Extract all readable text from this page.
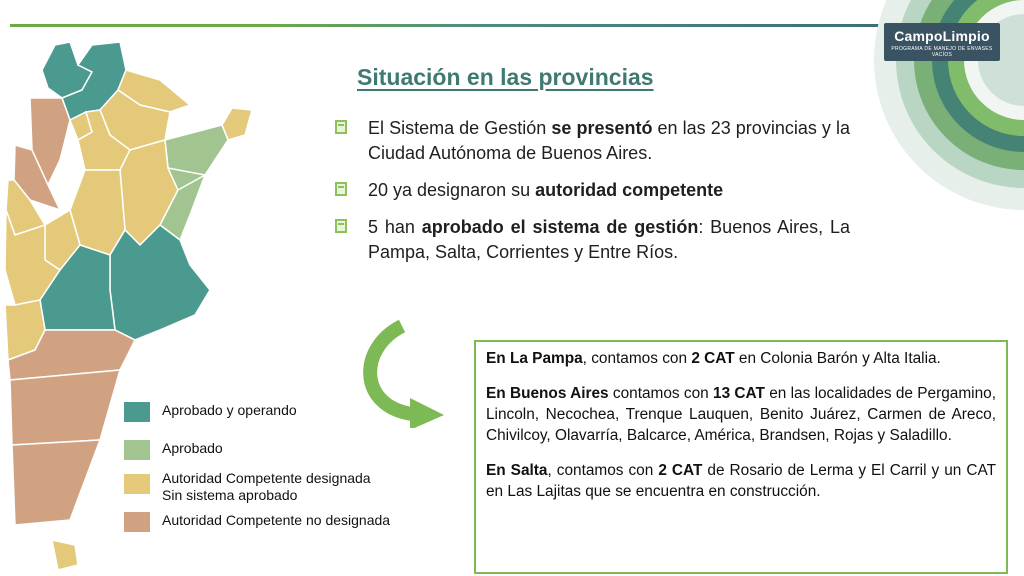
CampoLimpio
PROGRAMA DE MANEJO DE ENVASES VACÍOS
Situación en las provincias
El Sistema de Gestión se presentó en las 23 provincias y la Ciudad Autónoma de Buenos Aires.
20 ya designaron su autoridad competente
5 han aprobado el sistema de gestión: Buenos Aires, La Pampa, Salta, Corrientes y Entre Ríos.
Aprobado y operando
Aprobado
Autoridad Competente designada
Sin sistema aprobado
Autoridad Competente no designada

En La Pampa, contamos con 2 CAT en Colonia Barón y Alta Italia.

En Buenos Aires contamos con 13 CAT en las localidades de Pergamino, Lincoln, Necochea, Trenque Lauquen, Benito Juárez, Carmen de Areco, Chivilcoy, Olavarría, Balcarce, América, Brandsen, Rojas y Saladillo.

En Salta, contamos con 2 CAT de Rosario de Lerma y El Carril y un CAT en Las Lajitas que se encuentra en construcción.
